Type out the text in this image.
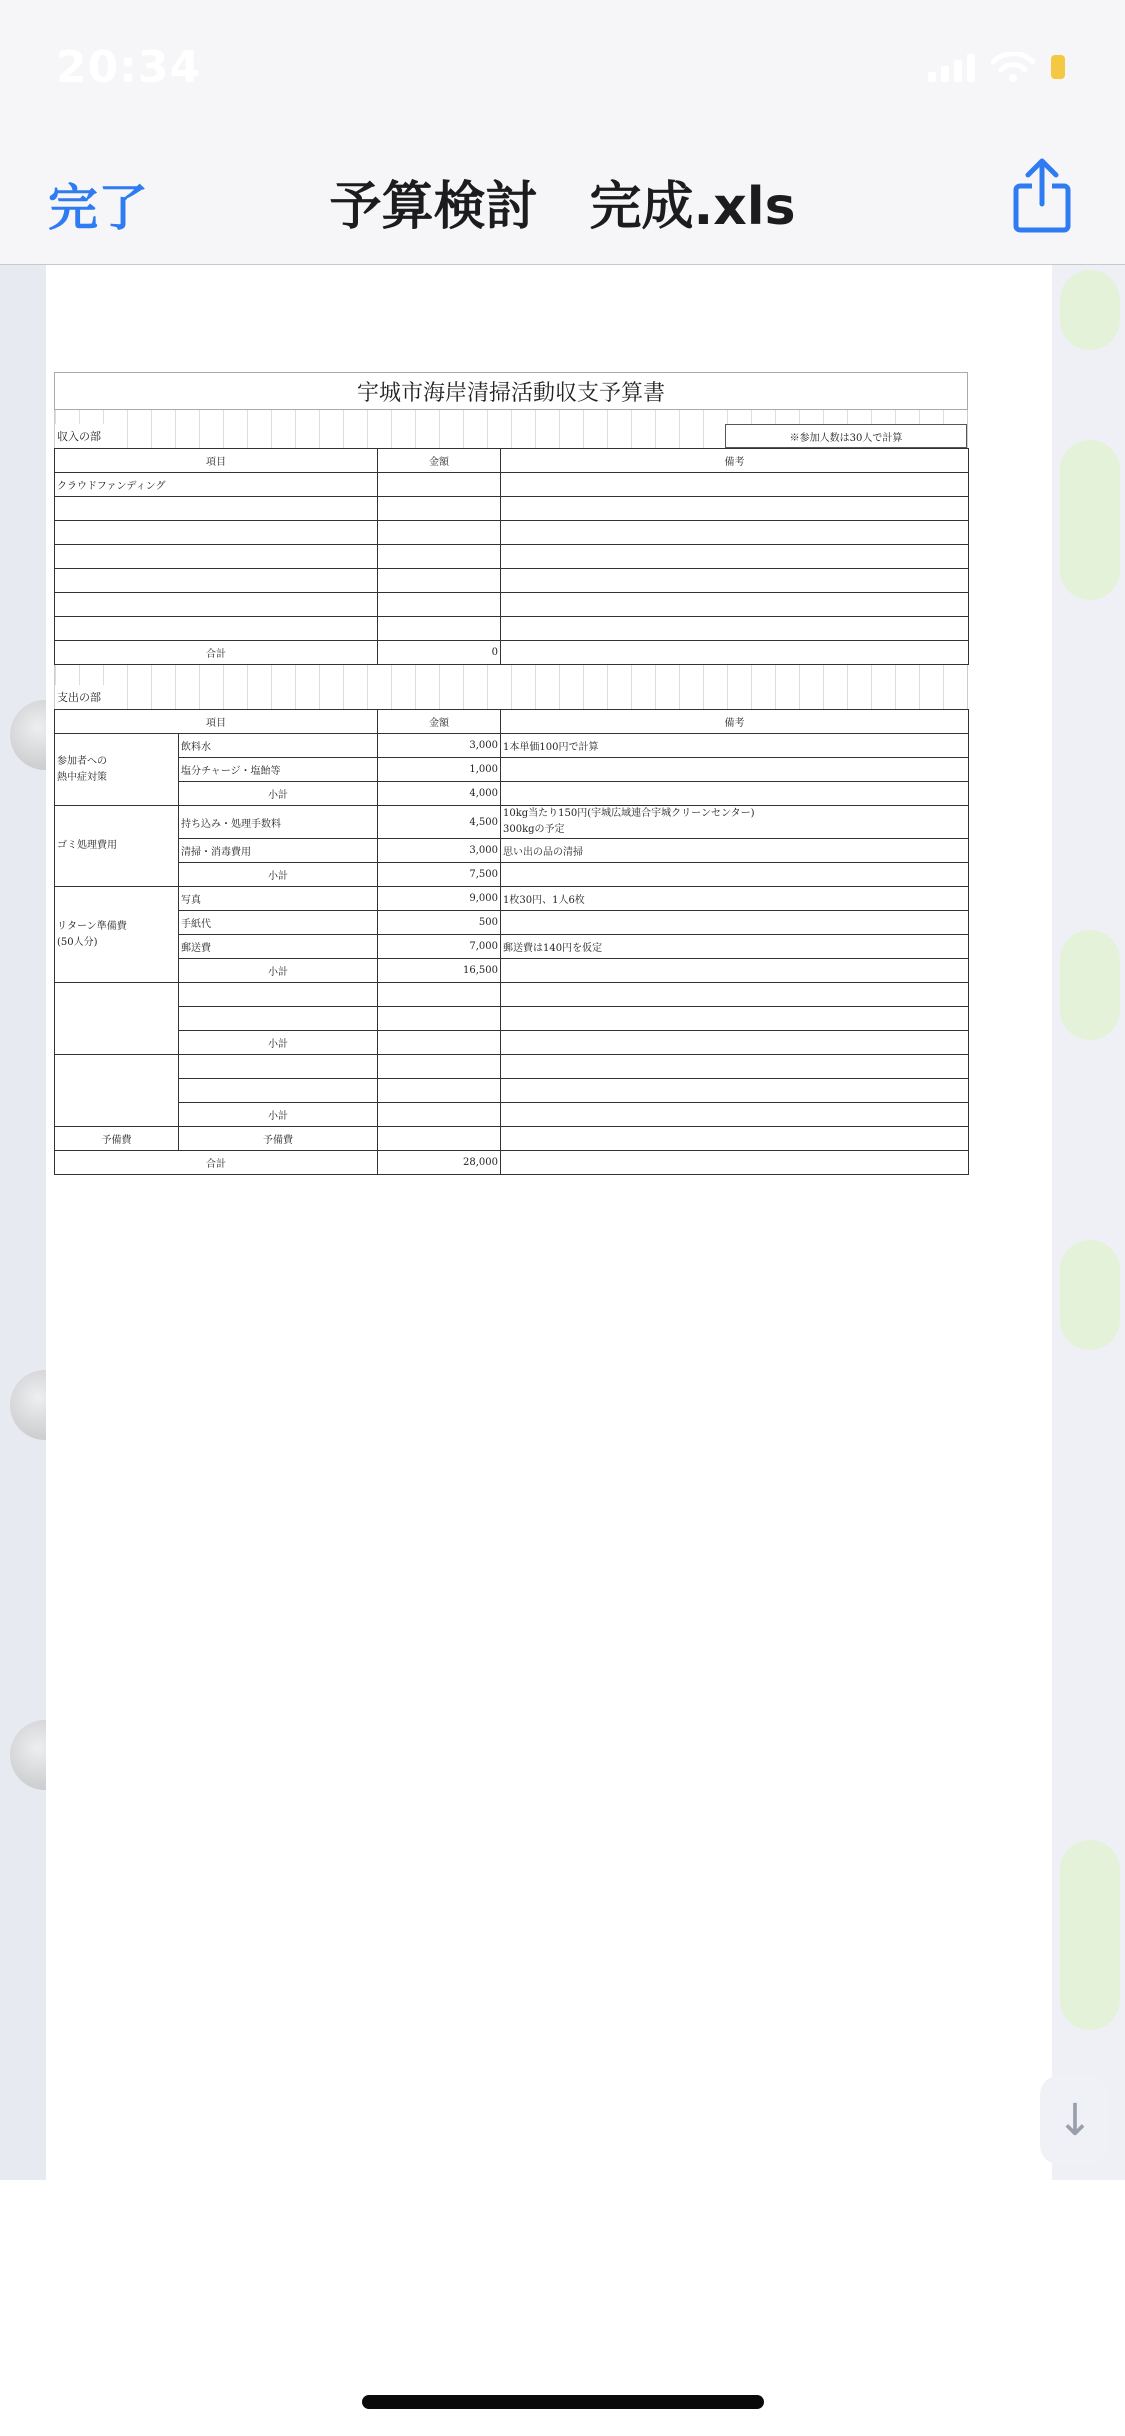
宇城市海岸清掃活動収支予算書
収入の部	※参加人数は30人で計算
項目	金額	備考
クラウドファンディング		

合計	0	
支出の部
項目		金額	備考
参加者への
熱中症対策	飲料水	3,000	1本単価100円で計算
	塩分チャージ・塩飴等	1,000	
	小計	4,000	
ゴミ処理費用	持ち込み・処理手数料	4,500	10kg当たり150円(宇城広域連合宇城クリーンセンター)
300kgの予定
	清掃・消毒費用	3,000	思い出の品の清掃
	小計	7,500	
リターン準備費
(50人分)	写真	9,000	1枚30円、1人6枚
	手紙代	500	
	郵送費	7,000	郵送費は140円を仮定
	小計	16,500	

	小計		

	小計		
予備費	予備費		
合計		28,000	
↓
20:34
完了	予算検討　完成.xls
